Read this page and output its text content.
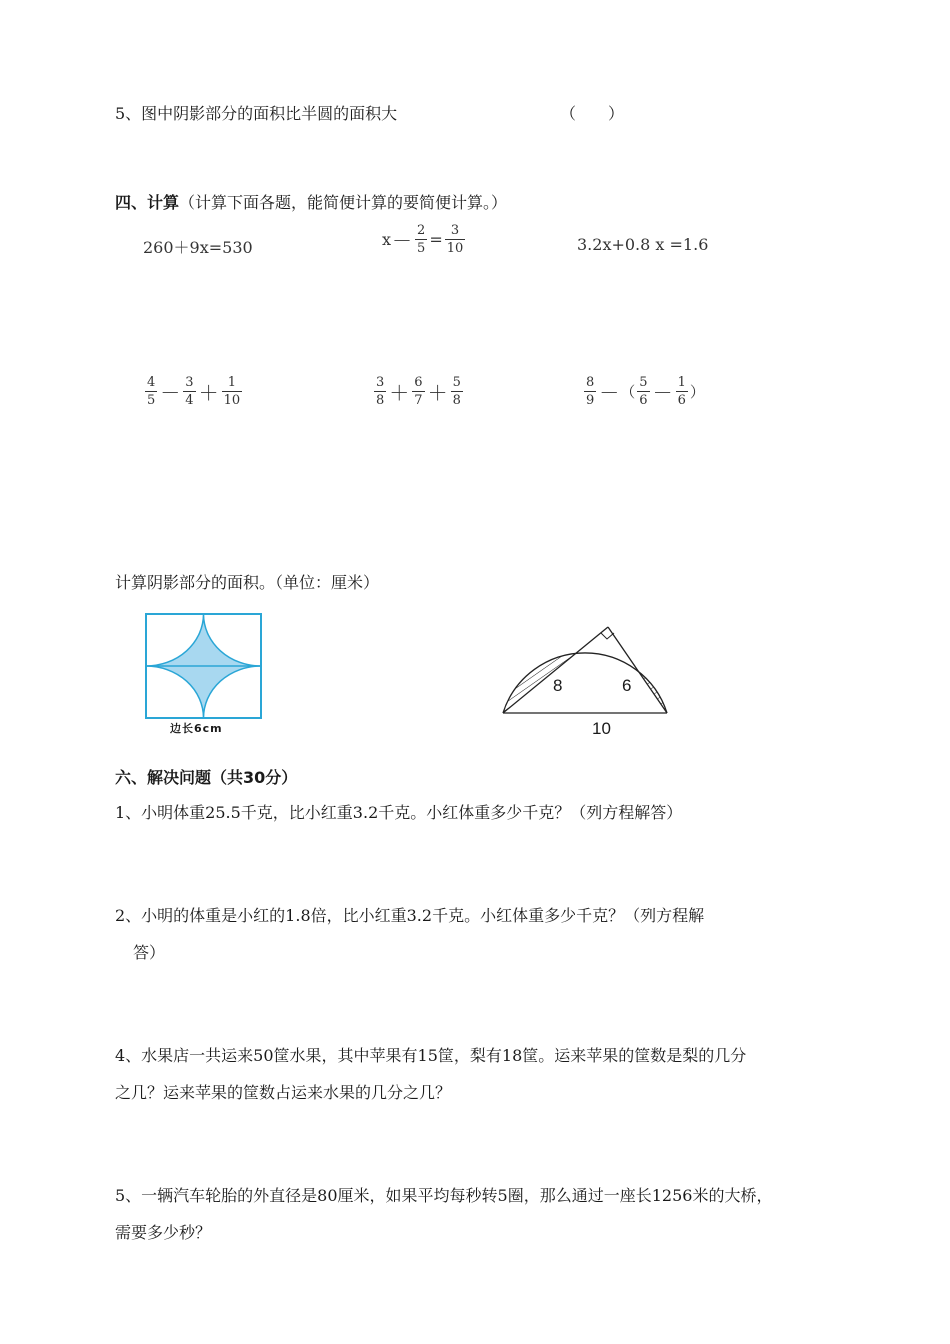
5、图中阴影部分的面积比半圆的面积大	（　　）
四、计算（计算下面各题，能简便计算的要简便计算。）
260＋9x=530	$x- \frac{2}{5} = \frac{3}{10}$	3.2x+0.8 x =1.6
$\frac{4}{5} - \frac{3}{4} + \frac{1}{10}$	$\frac{3}{8} + \frac{6}{7} + \frac{5}{8}$	$\frac{8}{9}$ －（ $\frac{5}{6} - \frac{1}{6}$ ）
计算阴影部分的面积。（单位：厘米）
边长6cm
8	6
10
六、解决问题（共30分）
1、小明体重25.5千克，比小红重3.2千克。小红体重多少千克？（列方程解答）
2、小明的体重是小红的1.8倍，比小红重3.2千克。小红体重多少千克？（列方程解
答）
4、水果店一共运来50筐水果，其中苹果有15筐，梨有18筐。运来苹果的筐数是梨的几分
之几？运来苹果的筐数占运来水果的几分之几？
5、一辆汽车轮胎的外直径是80厘米，如果平均每秒转5圈，那么通过一座长1256米的大桥，
需要多少秒？
